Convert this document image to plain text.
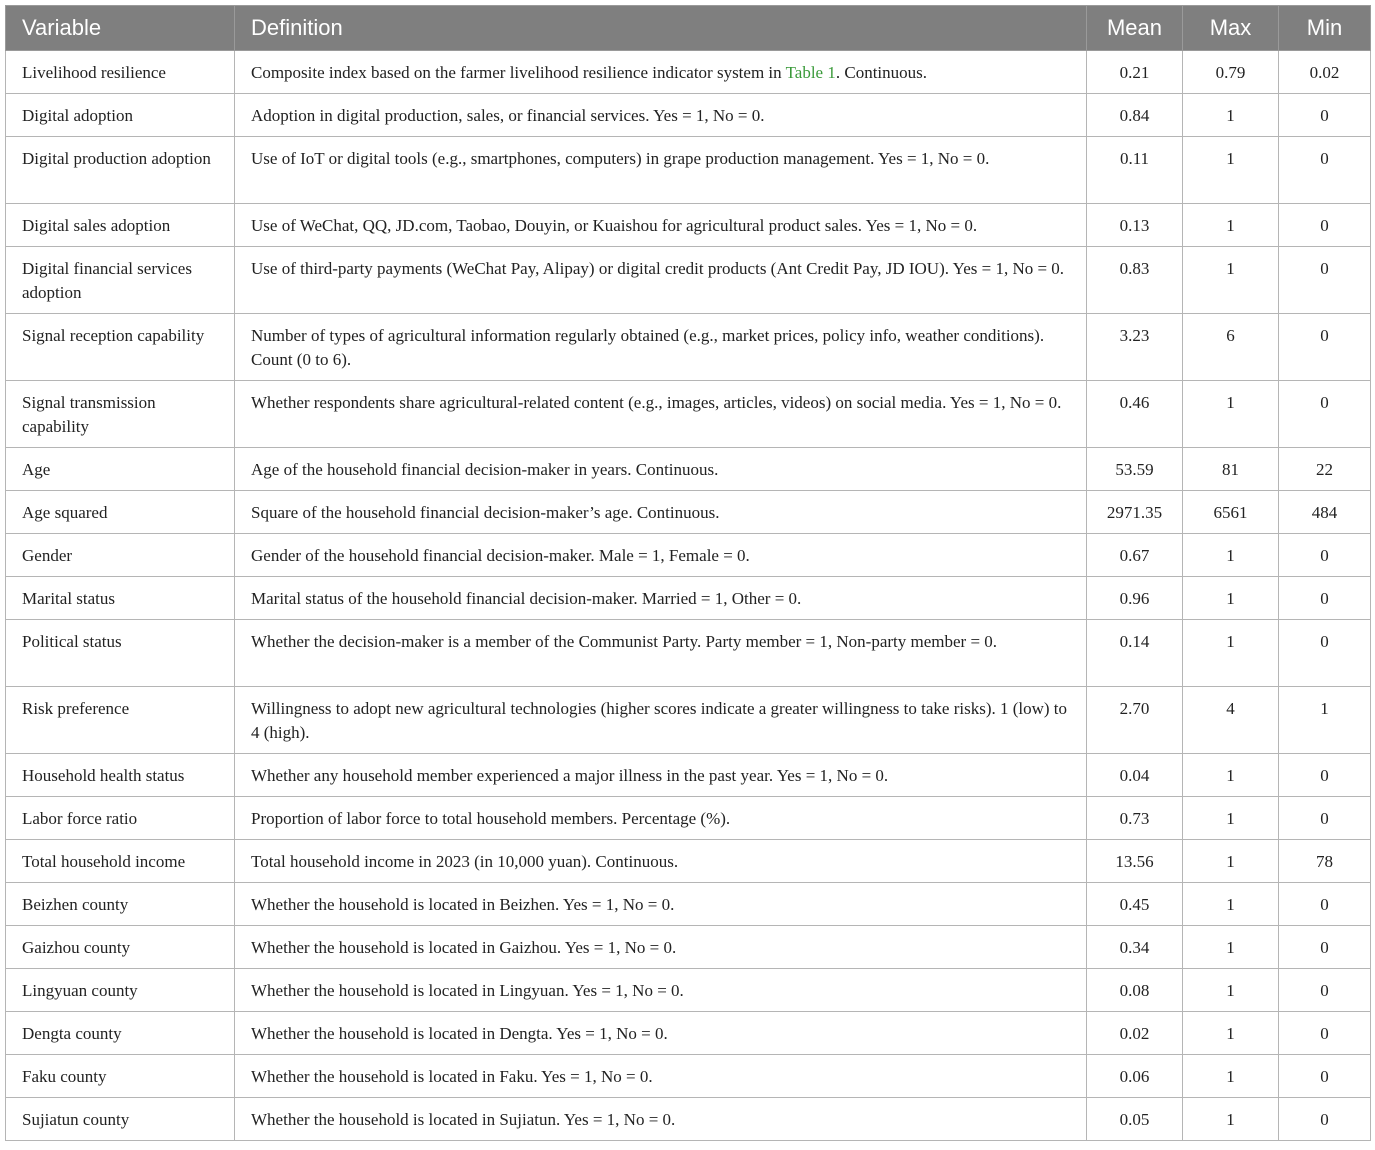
Variable	Definition	Mean	Max	Min
Livelihood resilience	Composite index based on the farmer livelihood resilience indicator system in Table 1. Continuous.	0.21	0.79	0.02
Digital adoption	Adoption in digital production, sales, or financial services. Yes = 1, No = 0.	0.84	1	0
Digital production adoption	Use of IoT or digital tools (e.g., smartphones, computers) in grape production management. Yes = 1, No = 0.	0.11	1	0
Digital sales adoption	Use of WeChat, QQ, JD.com, Taobao, Douyin, or Kuaishou for agricultural product sales. Yes = 1, No = 0.	0.13	1	0
Digital financial services adoption	Use of third-party payments (WeChat Pay, Alipay) or digital credit products (Ant Credit Pay, JD IOU). Yes = 1, No = 0.	0.83	1	0
Signal reception capability	Number of types of agricultural information regularly obtained (e.g., market prices, policy info, weather conditions). Count (0 to 6).	3.23	6	0
Signal transmission capability	Whether respondents share agricultural-related content (e.g., images, articles, videos) on social media. Yes = 1, No = 0.	0.46	1	0
Age	Age of the household financial decision-maker in years. Continuous.	53.59	81	22
Age squared	Square of the household financial decision-maker’s age. Continuous.	2971.35	6561	484
Gender	Gender of the household financial decision-maker. Male = 1, Female = 0.	0.67	1	0
Marital status	Marital status of the household financial decision-maker. Married = 1, Other = 0.	0.96	1	0
Political status	Whether the decision-maker is a member of the Communist Party. Party member = 1, Non-party member = 0.	0.14	1	0
Risk preference	Willingness to adopt new agricultural technologies (higher scores indicate a greater willingness to take risks). 1 (low) to 4 (high).	2.70	4	1
Household health status	Whether any household member experienced a major illness in the past year. Yes = 1, No = 0.	0.04	1	0
Labor force ratio	Proportion of labor force to total household members. Percentage (%).	0.73	1	0
Total household income	Total household income in 2023 (in 10,000 yuan). Continuous.	13.56	1	78
Beizhen county	Whether the household is located in Beizhen. Yes = 1, No = 0.	0.45	1	0
Gaizhou county	Whether the household is located in Gaizhou. Yes = 1, No = 0.	0.34	1	0
Lingyuan county	Whether the household is located in Lingyuan. Yes = 1, No = 0.	0.08	1	0
Dengta county	Whether the household is located in Dengta. Yes = 1, No = 0.	0.02	1	0
Faku county	Whether the household is located in Faku. Yes = 1, No = 0.	0.06	1	0
Sujiatun county	Whether the household is located in Sujiatun. Yes = 1, No = 0.	0.05	1	0
